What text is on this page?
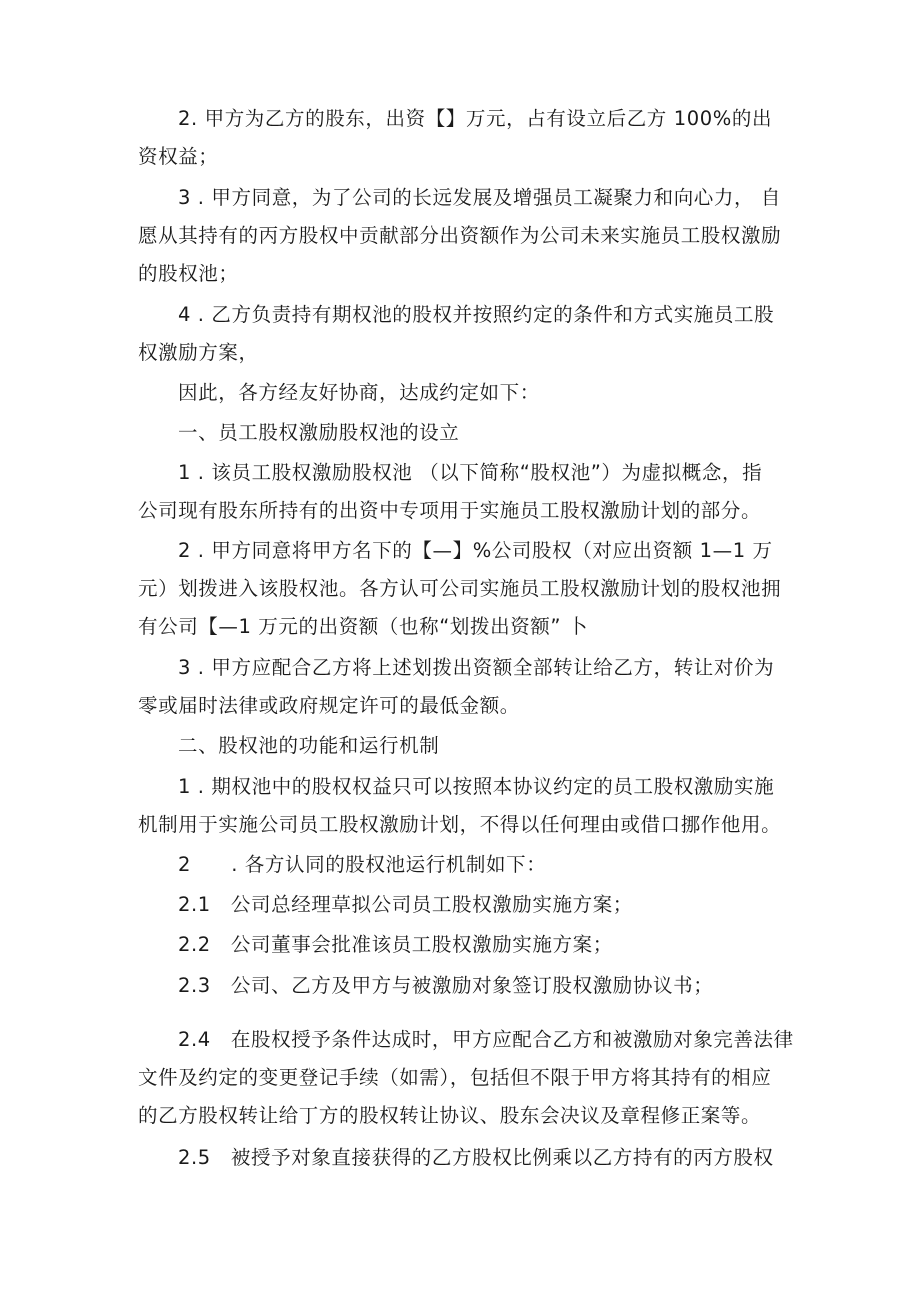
2. 甲方为乙方的股东，出资【】万元，占有设立后乙方 100%的出
资权益；
3 . 甲方同意，为了公司的长远发展及增强员工凝聚力和向心力， 自
愿从其持有的丙方股权中贡献部分出资额作为公司未来实施员工股权激励
的股权池；
4 . 乙方负责持有期权池的股权并按照约定的条件和方式实施员工股
权激励方案，
因此，各方经友好协商，达成约定如下：
一、员工股权激励股权池的设立
1 . 该员工股权激励股权池 （以下简称“股权池”）为虚拟概念，指
公司现有股东所持有的出资中专项用于实施员工股权激励计划的部分。
2 . 甲方同意将甲方名下的【—】%公司股权（对应出资额 1—1 万
元）划拨进入该股权池。各方认可公司实施员工股权激励计划的股权池拥
有公司【—1 万元的出资额（也称“划拨出资额” 卜
3 . 甲方应配合乙方将上述划拨出资额全部转让给乙方，转让对价为
零或届时法律或政府规定许可的最低金额。
二、股权池的功能和运行机制
1 . 期权池中的股权权益只可以按照本协议约定的员工股权激励实施
机制用于实施公司员工股权激励计划，不得以任何理由或借口挪作他用。
2　　. 各方认同的股权池运行机制如下：
2.1　公司总经理草拟公司员工股权激励实施方案；
2.2　公司董事会批准该员工股权激励实施方案；
2.3　公司、乙方及甲方与被激励对象签订股权激励协议书；
2.4　在股权授予条件达成时，甲方应配合乙方和被激励对象完善法律
文件及约定的变更登记手续（如需），包括但不限于甲方将其持有的相应
的乙方股权转让给丁方的股权转让协议、股东会决议及章程修正案等。
2.5　被授予对象直接获得的乙方股权比例乘以乙方持有的丙方股权
